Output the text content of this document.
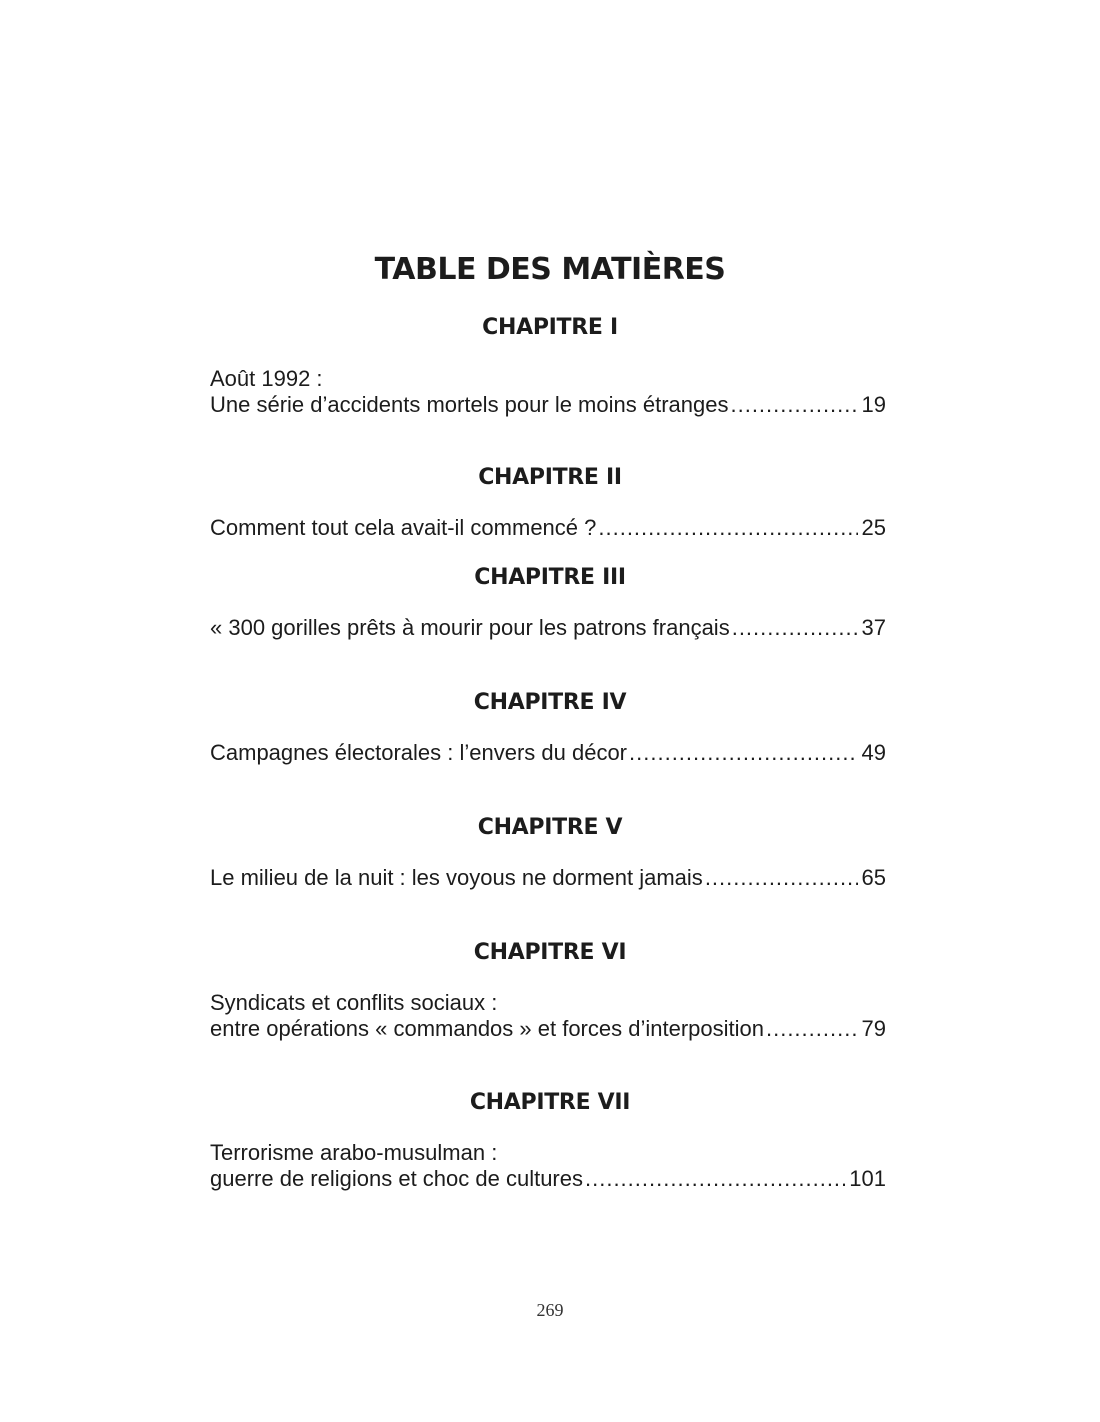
TABLE DES MATIÈRES
CHAPITRE I
Août 1992 :
Une série d’accidents mortels pour le moins étranges .....	19
CHAPITRE II
Comment tout cela avait-il commencé ? .....	25
CHAPITRE III
« 300 gorilles prêts à mourir pour les patrons français .....	37
CHAPITRE IV
Campagnes électorales : l’envers du décor .....	49
CHAPITRE V
Le milieu de la nuit : les voyous ne dorment jamais .....	65
CHAPITRE VI
Syndicats et conflits sociaux :
entre opérations « commandos » et forces d’interposition .....	79
CHAPITRE VII
Terrorisme arabo-musulman :
guerre de religions et choc de cultures .....	101
269
